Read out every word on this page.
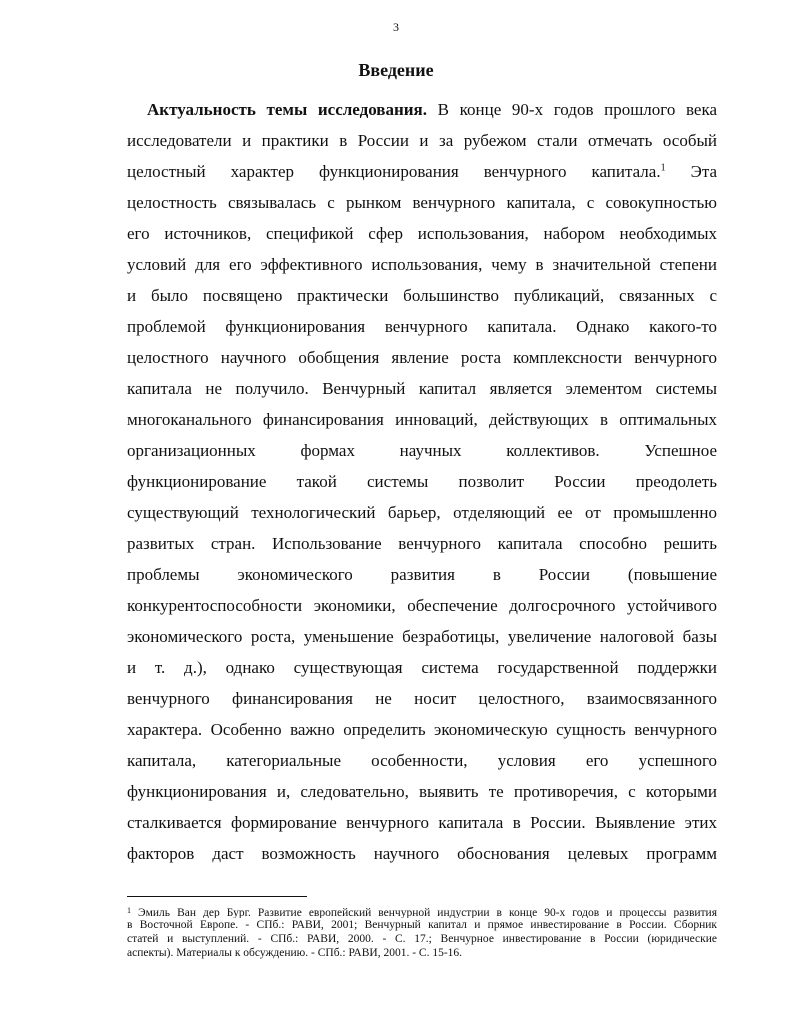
3
Введение
Актуальность темы исследования. В конце 90-х годов прошлого века
исследователи и практики в России и за рубежом стали отмечать особый
целостный характер функционирования венчурного капитала.$^1$ Эта
целостность связывалась с рынком венчурного капитала, с совокупностью
его источников, спецификой сфер использования, набором необходимых
условий для его эффективного использования, чему в значительной степени
и было посвящено практически большинство публикаций, связанных с
проблемой функционирования венчурного капитала. Однако какого-то
целостного научного обобщения явление роста комплексности венчурного
капитала не получило. Венчурный капитал является элементом системы
многоканального финансирования инноваций, действующих в оптимальных
организационных формах научных коллективов. Успешное
функционирование такой системы позволит России преодолеть
существующий технологический барьер, отделяющий ее от промышленно
развитых стран. Использование венчурного капитала способно решить
проблемы экономического развития в России (повышение
конкурентоспособности экономики, обеспечение долгосрочного устойчивого
экономического роста, уменьшение безработицы, увеличение налоговой базы
и т. д.), однако существующая система государственной поддержки
венчурного финансирования не носит целостного, взаимосвязанного
характера. Особенно важно определить экономическую сущность венчурного
капитала, категориальные особенности, условия его успешного
функционирования и, следовательно, выявить те противоречия, с которыми
сталкивается формирование венчурного капитала в России. Выявление этих
факторов даст возможность научного обоснования целевых программ
$^1$ Эмиль Ван дер Бург. Развитие европейский венчурной индустрии в конце 90-х годов и процессы развития
в Восточной Европе. - СПб.: РАВИ, 2001; Венчурный капитал и прямое инвестирование в России. Сборник
статей и выступлений. - СПб.: РАВИ, 2000. - С. 17.; Венчурное инвестирование в России (юридические
аспекты). Материалы к обсуждению. - СПб.: РАВИ, 2001. - С. 15-16.
